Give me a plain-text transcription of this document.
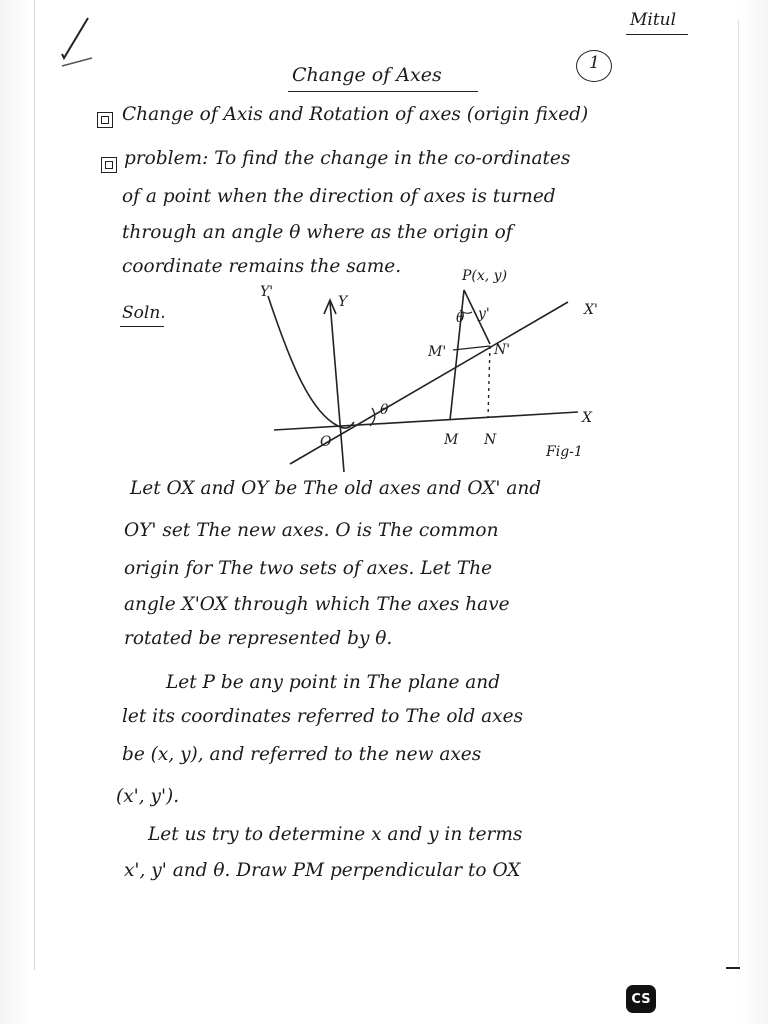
Mitul
1
Change of Axes
Change of Axis and Rotation of axes (origin fixed)
problem: To find the change in the co-ordinates
of a point when the direction of axes is turned
through an angle θ where as the origin of
coordinate remains the same.
Soln.
P(x, y)
Y'
Y	X'
X
M'	N'
y'
θ
θ
O	M N
Fig-1
Let OX and OY be The old axes and OX' and
OY' set The new axes. O is The common
origin for The two sets of axes. Let The
angle X'OX through which The axes have
rotated be represented by θ.
Let P be any point in The plane and
let its coordinates referred to The old axes
be (x, y), and referred to the new axes
(x', y').
Let us try to determine x and y in terms
x', y' and θ. Draw PM perpendicular to OX
CS
